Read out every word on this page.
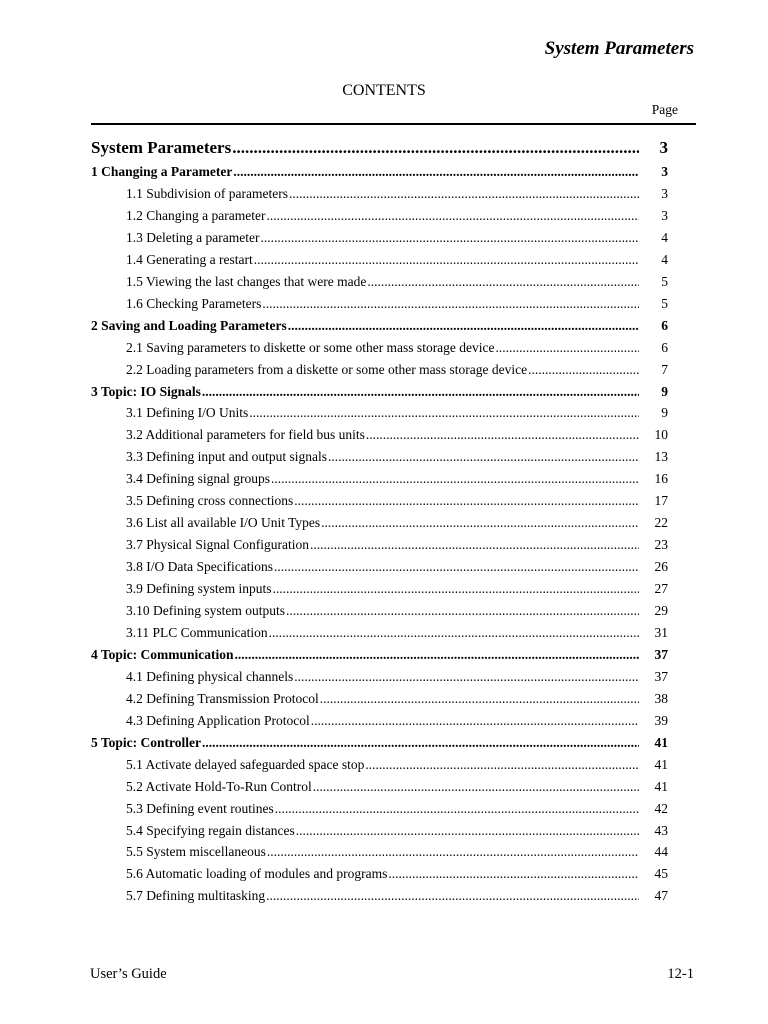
System Parameters
CONTENTS
Page
System Parameters .....	3
1 Changing a Parameter .....	3
1.1 Subdivision of parameters .....	3
1.2 Changing a parameter .....	3
1.3 Deleting a parameter .....	4
1.4 Generating a restart .....	4
1.5 Viewing the last changes that were made .....	5
1.6 Checking Parameters .....	5
2 Saving and Loading Parameters .....	6
2.1 Saving parameters to diskette or some other mass storage device .....	6
2.2 Loading parameters from a diskette or some other mass storage device .....	7
3 Topic: IO Signals .....	9
3.1 Defining I/O Units .....	9
3.2 Additional parameters for field bus units .....	10
3.3 Defining input and output signals .....	13
3.4 Defining signal groups .....	16
3.5 Defining cross connections .....	17
3.6 List all available I/O Unit Types .....	22
3.7 Physical Signal Configuration .....	23
3.8 I/O Data Specifications .....	26
3.9 Defining system inputs .....	27
3.10 Defining system outputs .....	29
3.11 PLC Communication .....	31
4 Topic: Communication .....	37
4.1 Defining physical channels .....	37
4.2 Defining Transmission Protocol .....	38
4.3 Defining Application Protocol .....	39
5 Topic: Controller .....	41
5.1 Activate delayed safeguarded space stop .....	41
5.2 Activate Hold-To-Run Control .....	41
5.3 Defining event routines .....	42
5.4 Specifying regain distances .....	43
5.5 System miscellaneous .....	44
5.6 Automatic loading of modules and programs .....	45
5.7 Defining multitasking .....	47
User’s Guide	12-1
